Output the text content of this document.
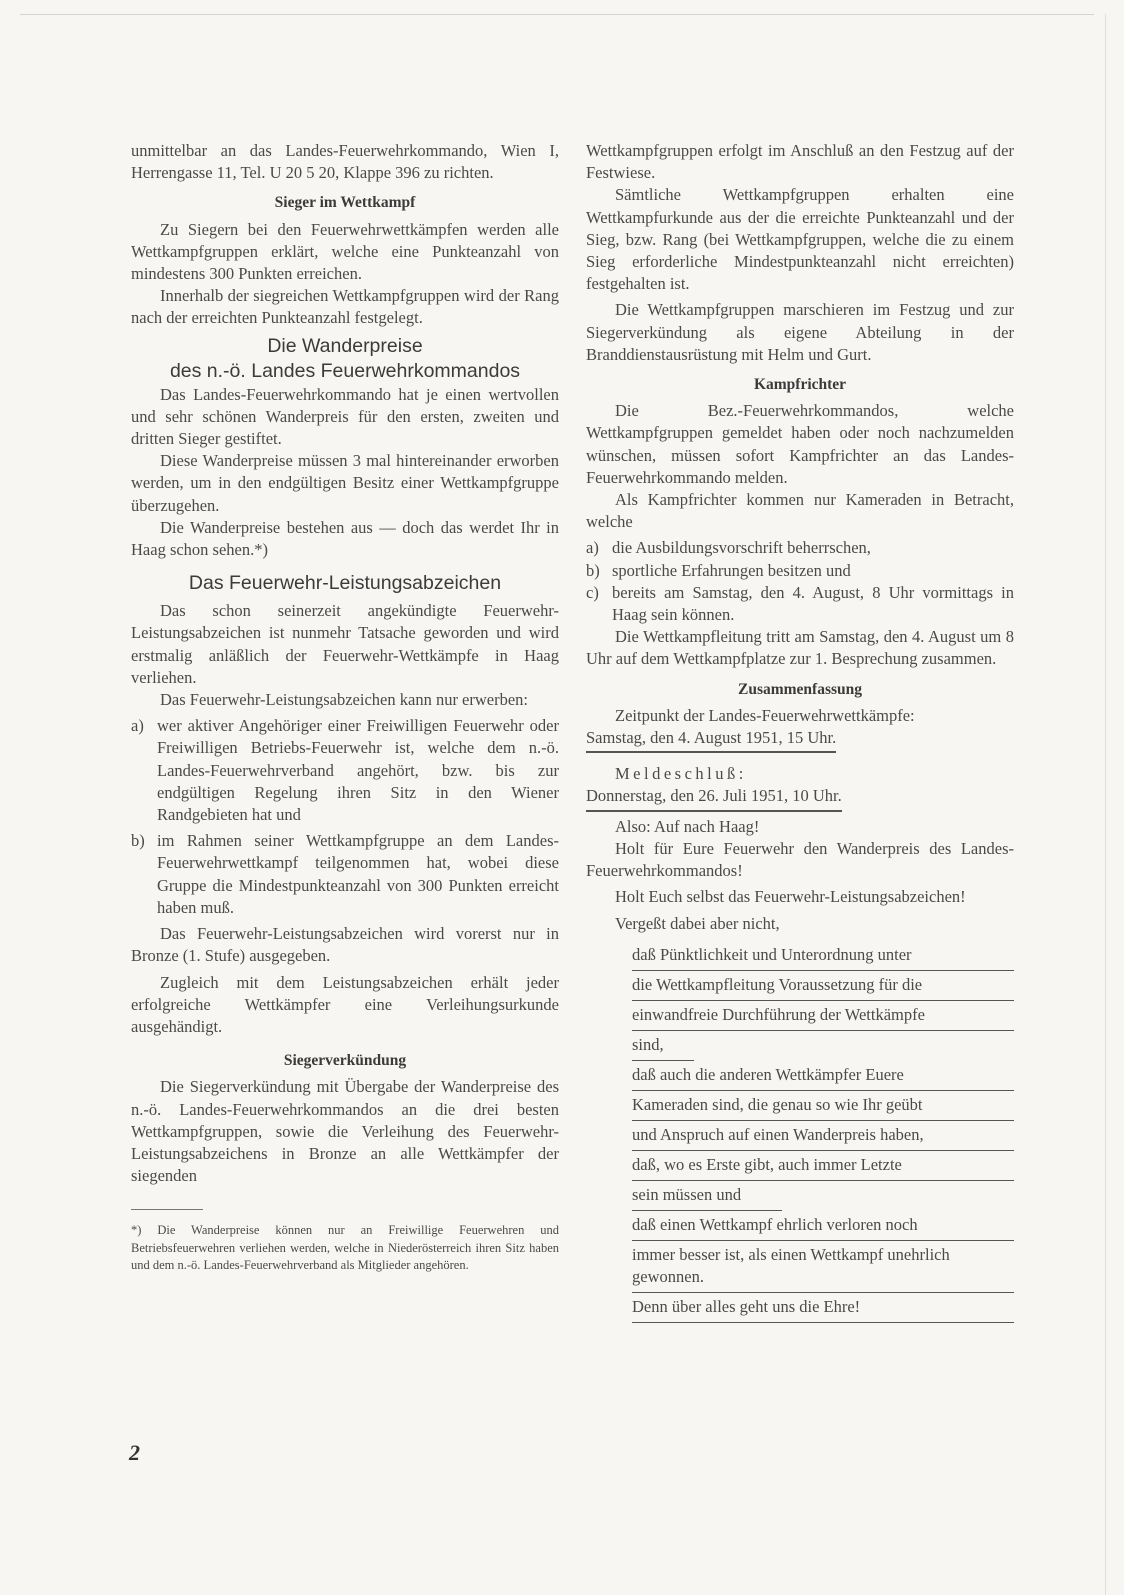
unmittelbar an das Landes-Feuerwehrkommando, Wien I, Herrengasse 11, Tel. U 20 5 20, Klappe 396 zu richten.

Sieger im Wettkampf

Zu Siegern bei den Feuerwehrwettkämpfen werden alle Wettkampfgruppen erklärt, welche eine Punkteanzahl von mindestens 300 Punkten erreichen.

Innerhalb der siegreichen Wettkampfgruppen wird der Rang nach der erreichten Punkteanzahl festgelegt.

Die Wanderpreise
des n.-ö. Landes Feuerwehrkommandos

Das Landes-Feuerwehrkommando hat je einen wertvollen und sehr schönen Wanderpreis für den ersten, zweiten und dritten Sieger gestiftet.

Diese Wanderpreise müssen 3 mal hintereinander erworben werden, um in den endgültigen Besitz einer Wettkampfgruppe überzugehen.

Die Wanderpreise bestehen aus — doch das werdet Ihr in Haag schon sehen.*)

Das Feuerwehr-Leistungsabzeichen

Das schon seinerzeit angekündigte Feuerwehr-Leistungsabzeichen ist nunmehr Tatsache geworden und wird erstmalig anläßlich der Feuerwehr-Wettkämpfe in Haag verliehen.

Das Feuerwehr-Leistungsabzeichen kann nur erwerben:

a) wer aktiver Angehöriger einer Freiwilligen Feuerwehr oder Freiwilligen Betriebs-Feuerwehr ist, welche dem n.-ö. Landes-Feuerwehrverband angehört, bzw. bis zur endgültigen Regelung ihren Sitz in den Wiener Randgebieten hat und
b) im Rahmen seiner Wettkampfgruppe an dem Landes-Feuerwehrwettkampf teilgenommen hat, wobei diese Gruppe die Mindestpunkteanzahl von 300 Punkten erreicht haben muß.

Das Feuerwehr-Leistungsabzeichen wird vorerst nur in Bronze (1. Stufe) ausgegeben.

Zugleich mit dem Leistungsabzeichen erhält jeder erfolgreiche Wettkämpfer eine Verleihungsurkunde ausgehändigt.

Siegerverkündung

Die Siegerverkündung mit Übergabe der Wanderpreise des n.-ö. Landes-Feuerwehrkommandos an die drei besten Wettkampfgruppen, sowie die Verleihung des Feuerwehr-Leistungsabzeichens in Bronze an alle Wettkämpfer der siegenden

*) Die Wanderpreise können nur an Freiwillige Feuerwehren und Betriebsfeuerwehren verliehen werden, welche in Niederösterreich ihren Sitz haben und dem n.-ö. Landes-Feuerwehrverband als Mitglieder angehören.

Wettkampfgruppen erfolgt im Anschluß an den Festzug auf der Festwiese.

Sämtliche Wettkampfgruppen erhalten eine Wettkampfurkunde aus der die erreichte Punkteanzahl und der Sieg, bzw. Rang (bei Wettkampfgruppen, welche die zu einem Sieg erforderliche Mindestpunkteanzahl nicht erreichten) festgehalten ist.

Die Wettkampfgruppen marschieren im Festzug und zur Siegerverkündung als eigene Abteilung in der Branddienstausrüstung mit Helm und Gurt.

Kampfrichter

Die Bez.-Feuerwehrkommandos, welche Wettkampfgruppen gemeldet haben oder noch nachzumelden wünschen, müssen sofort Kampfrichter an das Landes-Feuerwehrkommando melden.

Als Kampfrichter kommen nur Kameraden in Betracht, welche

a) die Ausbildungsvorschrift beherrschen,
b) sportliche Erfahrungen besitzen und
c) bereits am Samstag, den 4. August, 8 Uhr vormittags in Haag sein können.

Die Wettkampfleitung tritt am Samstag, den 4. August um 8 Uhr auf dem Wettkampfplatze zur 1. Besprechung zusammen.

Zusammenfassung

Zeitpunkt der Landes-Feuerwehrwettkämpfe:

Samstag, den 4. August 1951, 15 Uhr.

Meldeschluß:

Donnerstag, den 26. Juli 1951, 10 Uhr.

Also: Auf nach Haag!

Holt für Eure Feuerwehr den Wanderpreis des Landes-Feuerwehrkommandos!

Holt Euch selbst das Feuerwehr-Leistungsabzeichen!

Vergeßt dabei aber nicht,

daß Pünktlichkeit und Unterordnung unter
die Wettkampfleitung Voraussetzung für die
einwandfreie Durchführung der Wettkämpfe
sind,
daß auch die anderen Wettkämpfer Euere
Kameraden sind, die genau so wie Ihr geübt
und Anspruch auf einen Wanderpreis haben,
daß, wo es Erste gibt, auch immer Letzte
sein müssen und
daß einen Wettkampf ehrlich verloren noch
immer besser ist, als einen Wettkampf unehrlich gewonnen.
Denn über alles geht uns die Ehre!
2
